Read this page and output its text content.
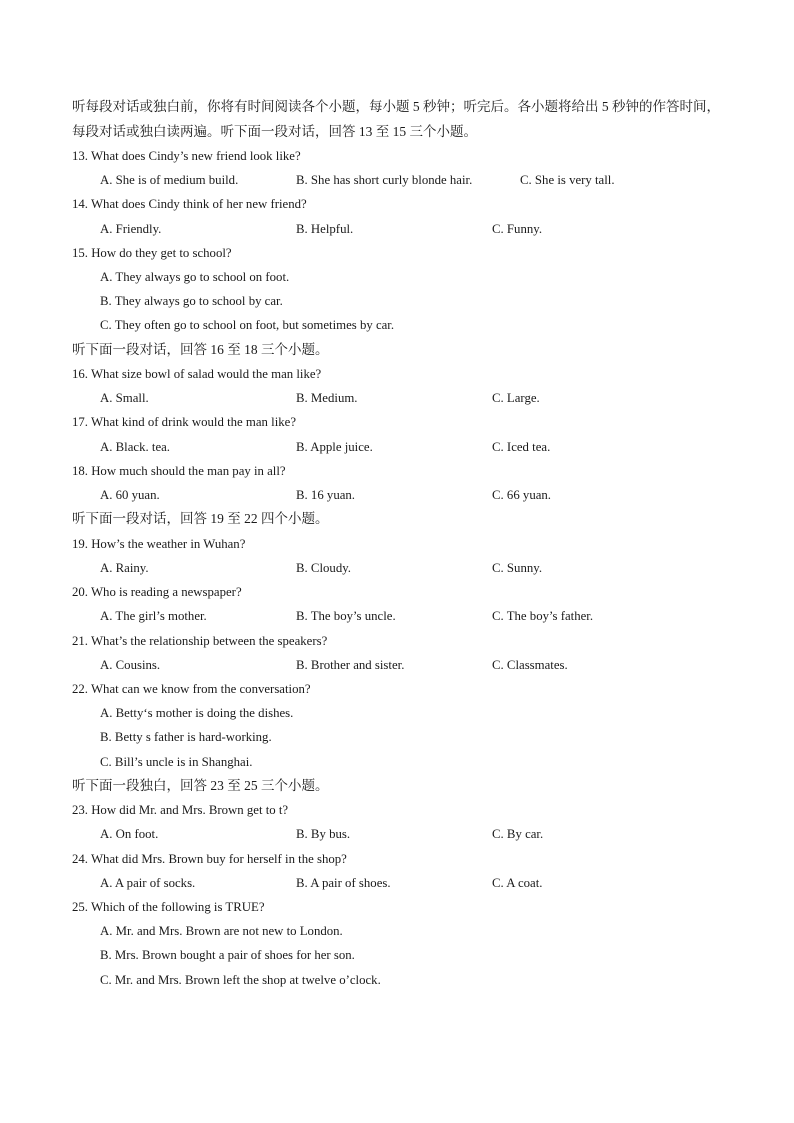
听每段对话或独白前，你将有时间阅读各个小题，每小题 5 秒钟；听完后。各小题将给出 5 秒钟的作答时间，每段对话或独白读两遍。听下面一段对话，回答 13 至 15 三个小题。

13. What does Cindy’s new friend look like?

A. She is of medium build.	B. She has short curly blonde hair.	C. She is very tall.

14. What does Cindy think of her new friend?

A. Friendly.	B. Helpful.	C. Funny.

15. How do they get to school?

A. They always go to school on foot.

B. They always go to school by car.

C. They often go to school on foot, but sometimes by car.

听下面一段对话，回答 16 至 18 三个小题。

16. What size bowl of salad would the man like?

A. Small.	B. Medium.	C. Large.

17. What kind of drink would the man like?

A. Black. tea.	B. Apple juice.	C. Iced tea.

18. How much should the man pay in all?

A. 60 yuan.	B. 16 yuan.	C. 66 yuan.

听下面一段对话，回答 19 至 22 四个小题。

19. How’s the weather in Wuhan?

A. Rainy.	B. Cloudy.	C. Sunny.

20. Who is reading a newspaper?

A. The girl’s mother.	B. The boy’s uncle.	C. The boy’s father.

21. What’s the relationship between the speakers?

A. Cousins.	B. Brother and sister.	C. Classmates.

22. What can we know from the conversation?

A. Betty‘s mother is doing the dishes.

B. Betty s father is hard-working.

C. Bill’s uncle is in Shanghai.

听下面一段独白，回答 23 至 25 三个小题。

23. How did Mr. and Mrs. Brown get to t?

A. On foot.	B. By bus.	C. By car.

24. What did Mrs. Brown buy for herself in the shop?

A. A pair of socks.	B. A pair of shoes.	C. A coat.

25. Which of the following is TRUE?

A. Mr. and Mrs. Brown are not new to London.

B. Mrs. Brown bought a pair of shoes for her son.

C. Mr. and Mrs. Brown left the shop at twelve o’clock.
